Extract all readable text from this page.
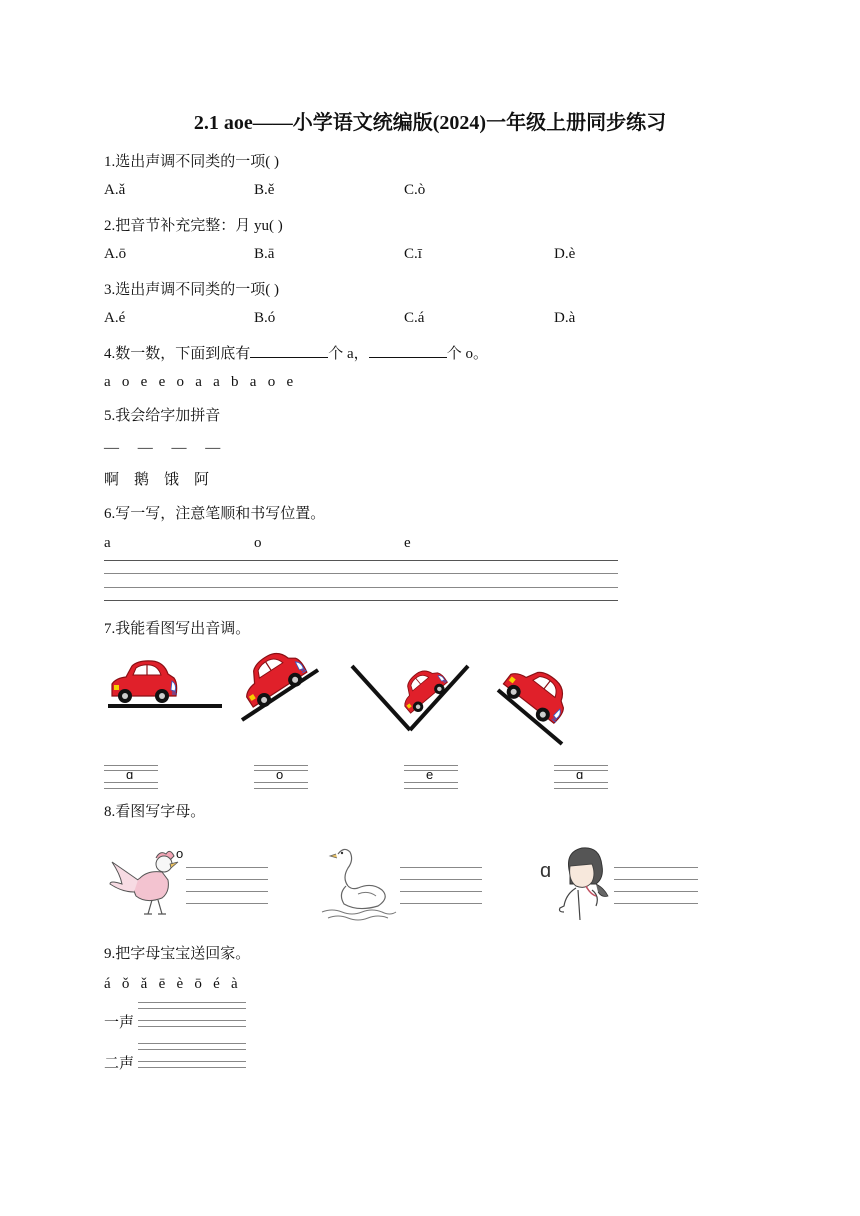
2.1 aoe——小学语文统编版(2024)一年级上册同步练习
1.选出声调不同类的一项( )
A.ǎ	B.ě	C.ò
2.把音节补充完整：月 yu( )
A.ō	B.ā	C.ī	D.è
3.选出声调不同类的一项( )
A.é	B.ó	C.á	D.à
4.数一数，下面到底有	个 a，	个 o。
a   o   e   e   o   a   a   b   a   o   e
5.我会给字加拼音
—     —     —     —
啊    鹅    饿    阿
6.写一写，注意笔顺和书写位置。
a	o	e
7.我能看图写出音调。
ɑ	o	e	ɑ
8.看图写字母。
o
ɑ
9.把字母宝宝送回家。
á   ǒ   ǎ   ē   è   ō   é   à
一声
二声
